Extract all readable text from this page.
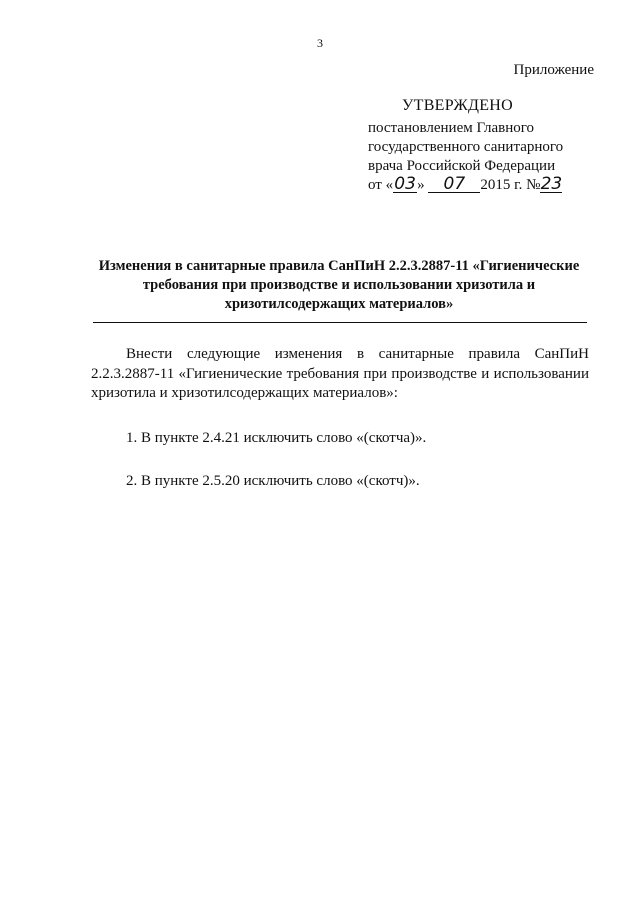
3
Приложение
УТВЕРЖДЕНО
постановлением Главного
государственного санитарного
врача Российской Федерации
от «03» 07 2015 г. №23
Изменения в санитарные правила СанПиН 2.2.3.2887-11 «Гигиенические требования при производстве и использовании хризотила и хризотилсодержащих материалов»

Внести следующие изменения в санитарные правила СанПиН 2.2.3.2887-11 «Гигиенические требования при производстве и использовании хризотила и хризотилсодержащих материалов»:

1. В пункте 2.4.21 исключить слово «(скотча)».

2. В пункте 2.5.20 исключить слово «(скотч)».
